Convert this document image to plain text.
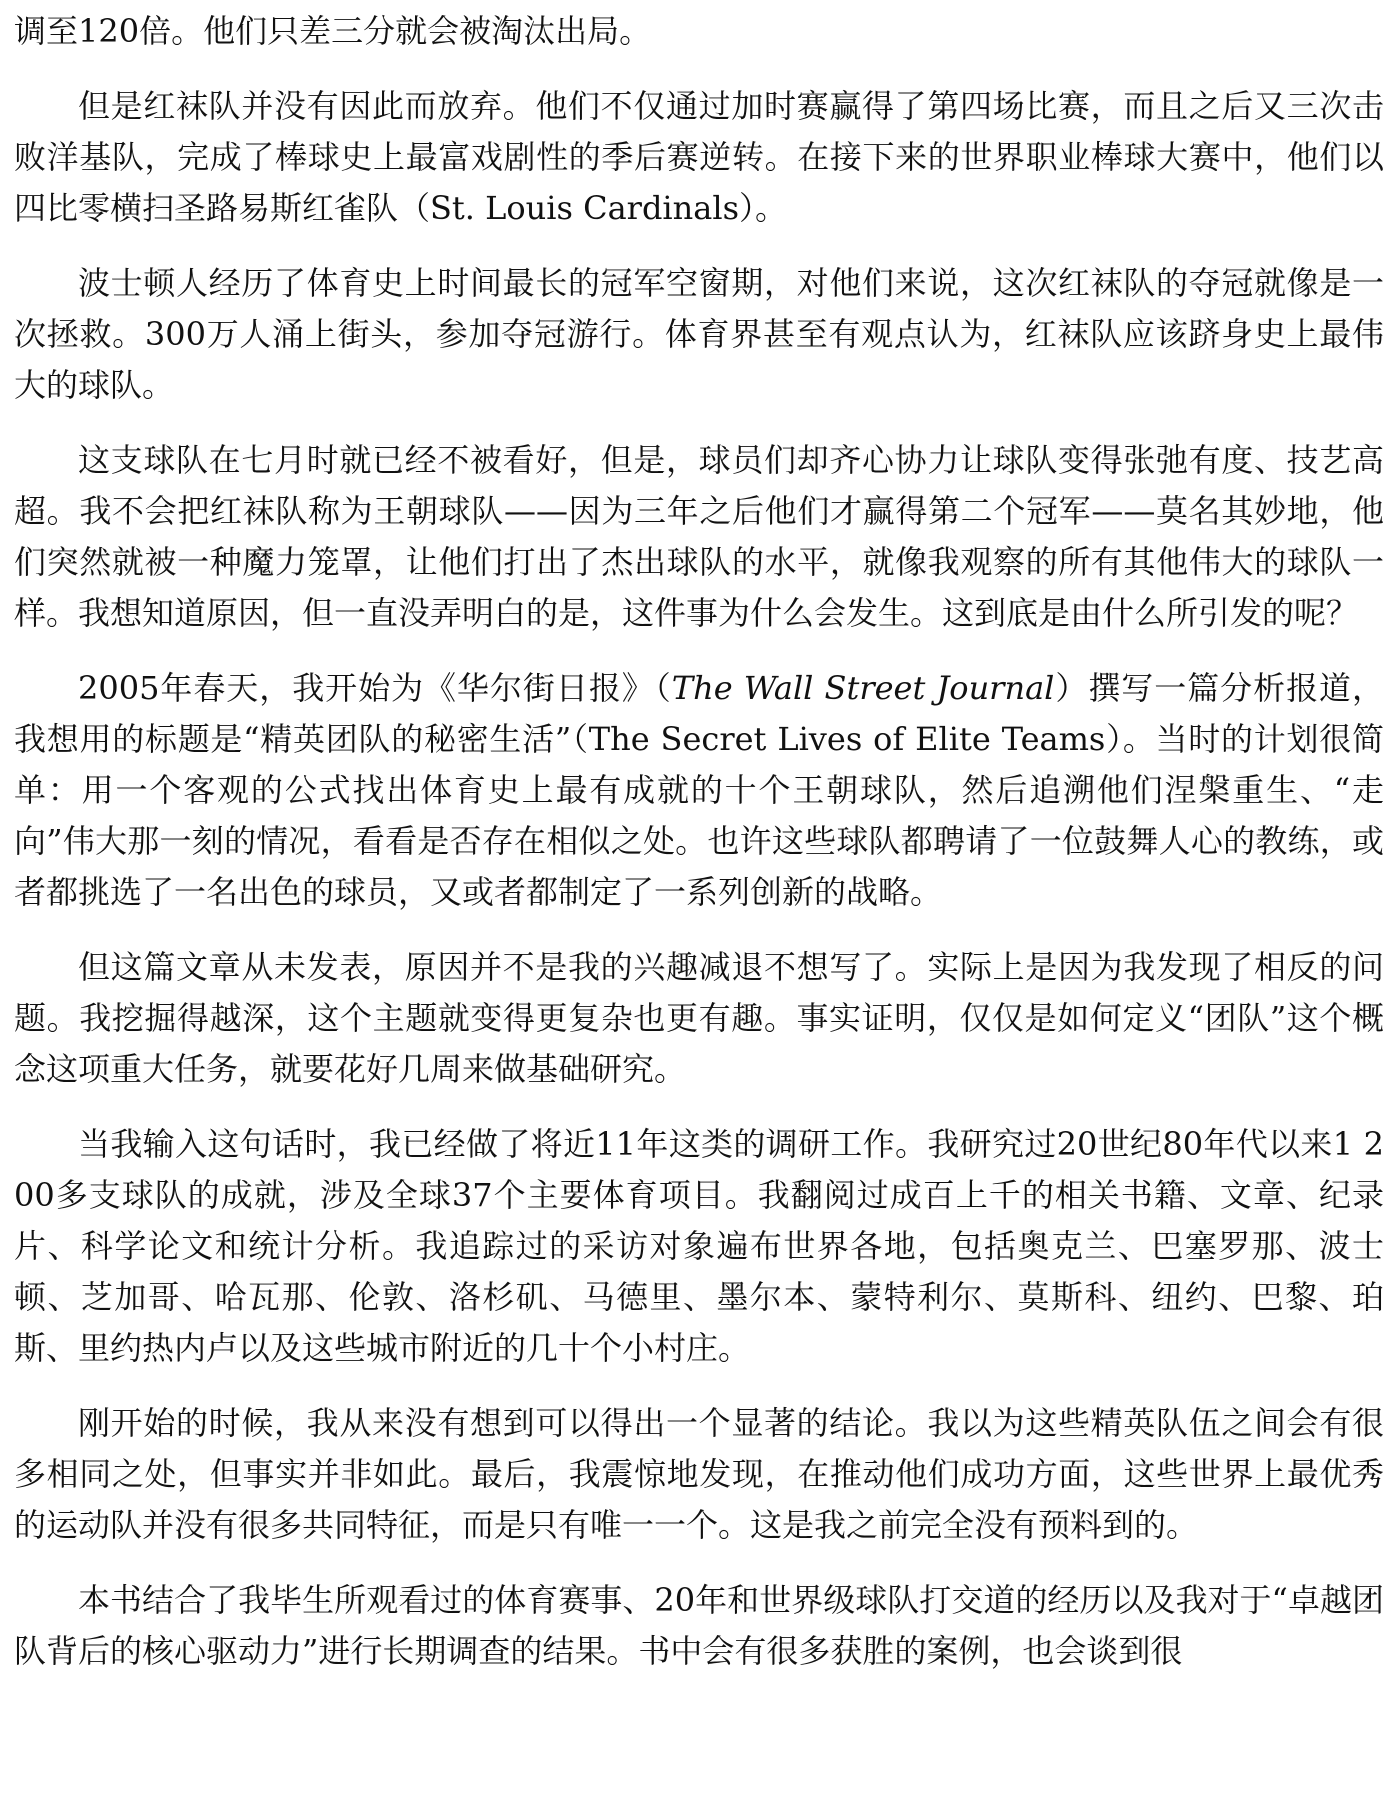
调至120倍。他们只差三分就会被淘汰出局。

但是红袜队并没有因此而放弃。他们不仅通过加时赛赢得了第四场比赛，而且之后又三次击败洋基队，完成了棒球史上最富戏剧性的季后赛逆转。在接下来的世界职业棒球大赛中，他们以四比零横扫圣路易斯红雀队（St. Louis Cardinals）。

波士顿人经历了体育史上时间最长的冠军空窗期，对他们来说，这次红袜队的夺冠就像是一次拯救。300万人涌上街头，参加夺冠游行。体育界甚至有观点认为，红袜队应该跻身史上最伟大的球队。

这支球队在七月时就已经不被看好，但是，球员们却齐心协力让球队变得张弛有度、技艺高超。我不会把红袜队称为王朝球队——因为三年之后他们才赢得第二个冠军——莫名其妙地，他们突然就被一种魔力笼罩，让他们打出了杰出球队的水平，就像我观察的所有其他伟大的球队一样。我想知道原因，但一直没弄明白的是，这件事为什么会发生。这到底是由什么所引发的呢？

2005年春天，我开始为《华尔街日报》（The Wall Street Journal）撰写一篇分析报道，我想用的标题是“精英团队的秘密生活”（The Secret Lives of Elite Teams）。当时的计划很简单：用一个客观的公式找出体育史上最有成就的十个王朝球队，然后追溯他们涅槃重生、“走向”伟大那一刻的情况，看看是否存在相似之处。也许这些球队都聘请了一位鼓舞人心的教练，或者都挑选了一名出色的球员，又或者都制定了一系列创新的战略。

但这篇文章从未发表，原因并不是我的兴趣减退不想写了。实际上是因为我发现了相反的问题。我挖掘得越深，这个主题就变得更复杂也更有趣。事实证明，仅仅是如何定义“团队”这个概念这项重大任务，就要花好几周来做基础研究。

当我输入这句话时，我已经做了将近11年这类的调研工作。我研究过20世纪80年代以来1 200多支球队的成就，涉及全球37个主要体育项目。我翻阅过成百上千的相关书籍、文章、纪录片、科学论文和统计分析。我追踪过的采访对象遍布世界各地，包括奥克兰、巴塞罗那、波士顿、芝加哥、哈瓦那、伦敦、洛杉矶、马德里、墨尔本、蒙特利尔、莫斯科、纽约、巴黎、珀斯、里约热内卢以及这些城市附近的几十个小村庄。

刚开始的时候，我从来没有想到可以得出一个显著的结论。我以为这些精英队伍之间会有很多相同之处，但事实并非如此。最后，我震惊地发现，在推动他们成功方面，这些世界上最优秀的运动队并没有很多共同特征，而是只有唯一一个。这是我之前完全没有预料到的。

本书结合了我毕生所观看过的体育赛事、20年和世界级球队打交道的经历以及我对于“卓越团队背后的核心驱动力”进行长期调查的结果。书中会有很多获胜的案例，也会谈到很
